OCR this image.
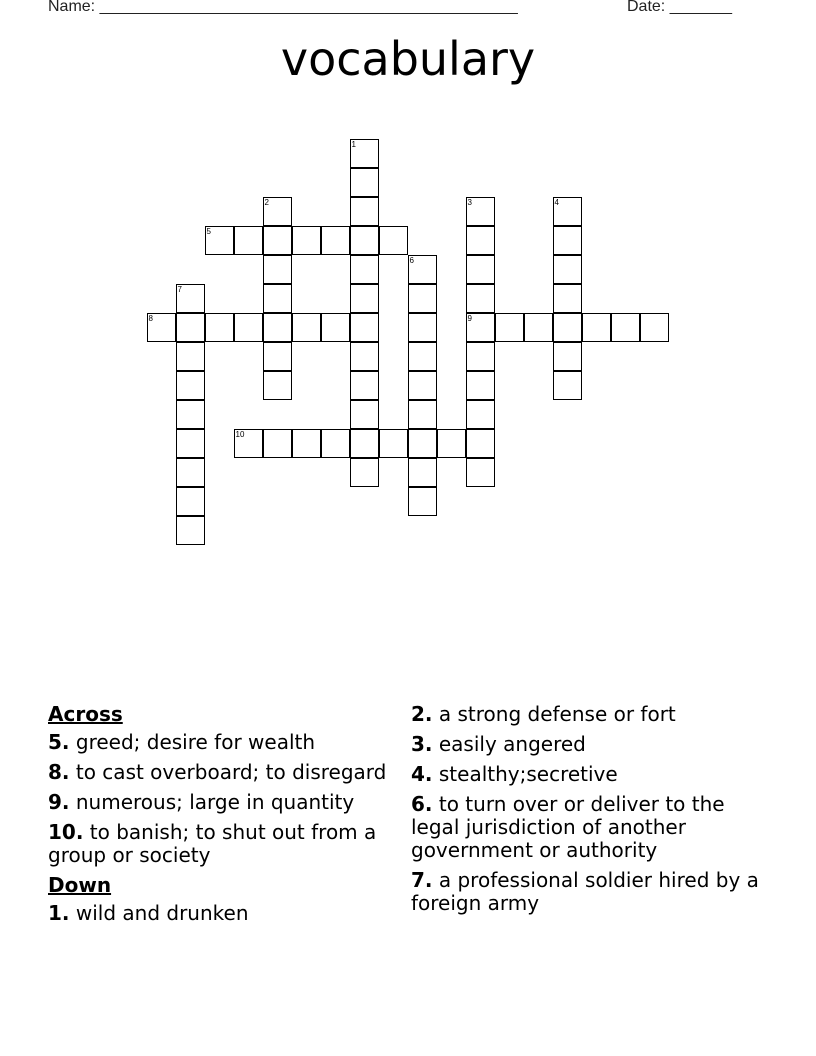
Name: _______________________________________________	Date: _______
vocabulary
5
8	9
10
1
2	3	4
6
7
Across
5. greed; desire for wealth
8. to cast overboard; to disregard
9. numerous; large in quantity
10. to banish; to shut out from a group or society
Down
1. wild and drunken
2. a strong defense or fort
3. easily angered
4. stealthy;secretive
6. to turn over or deliver to the legal jurisdiction of another government or authority
7. a professional soldier hired by a foreign army
